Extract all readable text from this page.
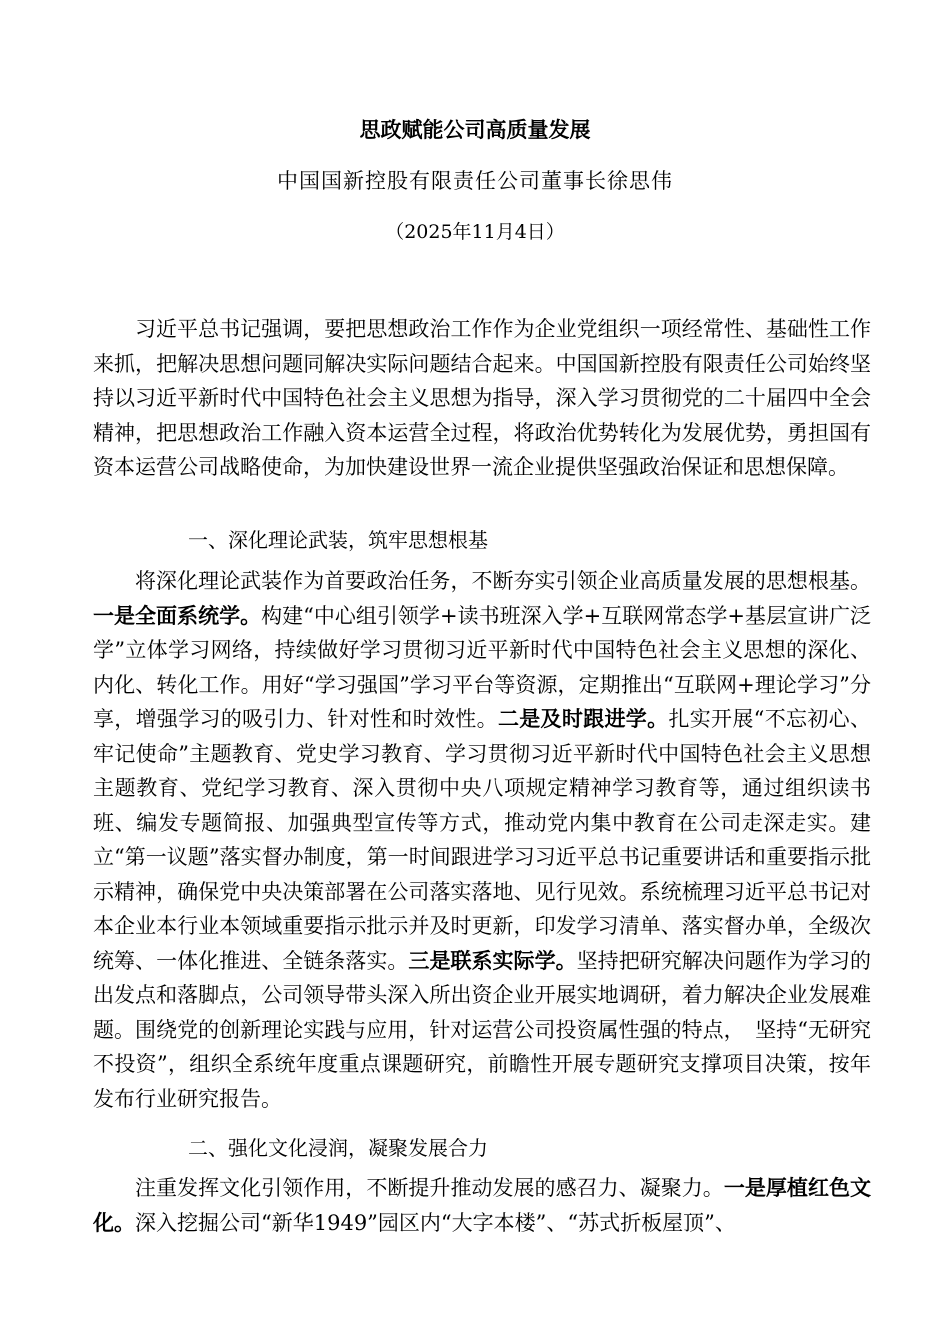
思政赋能公司高质量发展
中国国新控股有限责任公司董事长徐思伟
（2025年11月4日）

习近平总书记强调，要把思想政治工作作为企业党组织一项经常性、基础性工作来抓，把解决思想问题同解决实际问题结合起来。中国国新控股有限责任公司始终坚持以习近平新时代中国特色社会主义思想为指导，深入学习贯彻党的二十届四中全会精神，把思想政治工作融入资本运营全过程，将政治优势转化为发展优势，勇担国有资本运营公司战略使命，为加快建设世界一流企业提供坚强政治保证和思想保障。

一、深化理论武装，筑牢思想根基

将深化理论武装作为首要政治任务，不断夯实引领企业高质量发展的思想根基。一是全面系统学。构建“中心组引领学+读书班深入学+互联网常态学+基层宣讲广泛学”立体学习网络，持续做好学习贯彻习近平新时代中国特色社会主义思想的深化、内化、转化工作。用好“学习强国”学习平台等资源，定期推出“互联网+理论学习”分享，增强学习的吸引力、针对性和时效性。二是及时跟进学。扎实开展“不忘初心、牢记使命”主题教育、党史学习教育、学习贯彻习近平新时代中国特色社会主义思想主题教育、党纪学习教育、深入贯彻中央八项规定精神学习教育等，通过组织读书班、编发专题简报、加强典型宣传等方式，推动党内集中教育在公司走深走实。建立“第一议题”落实督办制度，第一时间跟进学习习近平总书记重要讲话和重要指示批示精神，确保党中央决策部署在公司落实落地、见行见效。系统梳理习近平总书记对本企业本行业本领域重要指示批示并及时更新，印发学习清单、落实督办单，全级次统筹、一体化推进、全链条落实。三是联系实际学。坚持把研究解决问题作为学习的出发点和落脚点，公司领导带头深入所出资企业开展实地调研，着力解决企业发展难题。围绕党的创新理论实践与应用，针对运营公司投资属性强的特点，　坚持“无研究不投资”，组织全系统年度重点课题研究，前瞻性开展专题研究支撑项目决策，按年发布行业研究报告。

二、强化文化浸润，凝聚发展合力

注重发挥文化引领作用，不断提升推动发展的感召力、凝聚力。一是厚植红色文化。深入挖掘公司“新华1949”园区内“大字本楼”、“苏式折板屋顶”、
